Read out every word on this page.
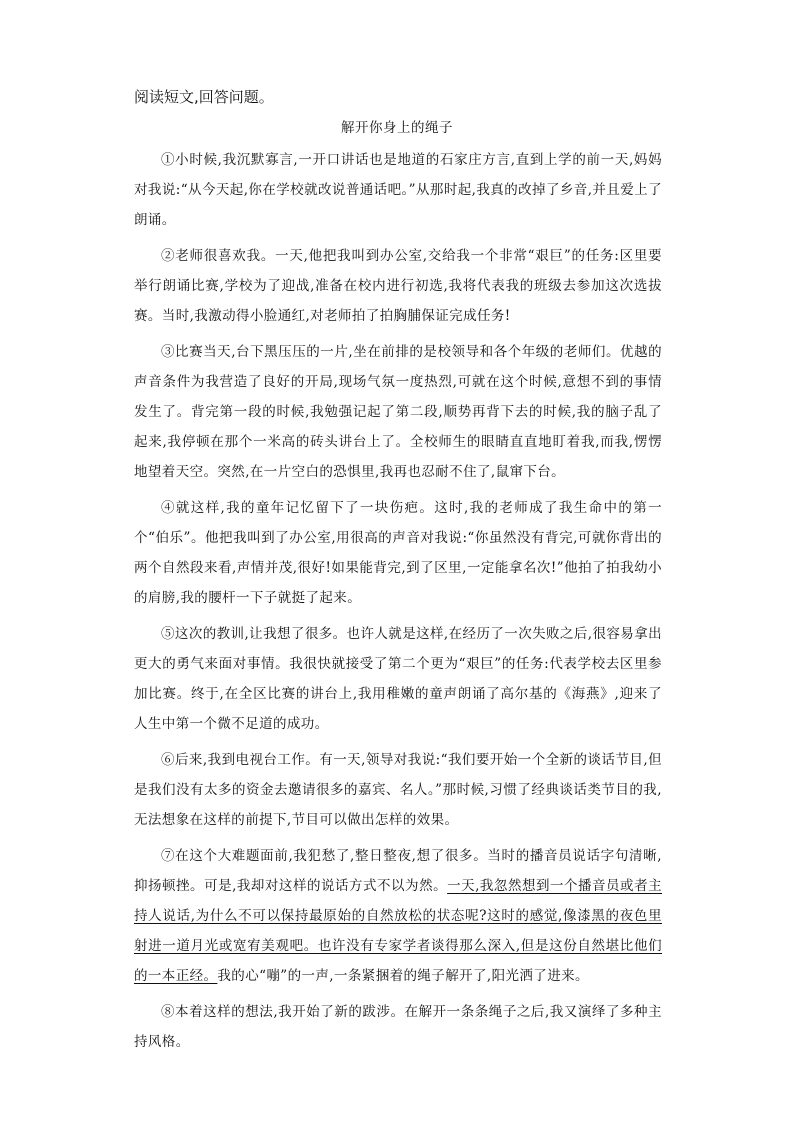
阅读短文,回答问题。
解开你身上的绳子

①小时候,我沉默寡言,一开口讲话也是地道的石家庄方言,直到上学的前一天,妈妈对我说:“从今天起,你在学校就改说普通话吧。”从那时起,我真的改掉了乡音,并且爱上了朗诵。

②老师很喜欢我。一天,他把我叫到办公室,交给我一个非常“艰巨”的任务:区里要举行朗诵比赛,学校为了迎战,准备在校内进行初选,我将代表我的班级去参加这次选拔赛。当时,我激动得小脸通红,对老师拍了拍胸脯保证完成任务!

③比赛当天,台下黑压压的一片,坐在前排的是校领导和各个年级的老师们。优越的声音条件为我营造了良好的开局,现场气氛一度热烈,可就在这个时候,意想不到的事情发生了。背完第一段的时候,我勉强记起了第二段,顺势再背下去的时候,我的脑子乱了起来,我停顿在那个一米高的砖头讲台上了。全校师生的眼睛直直地盯着我,而我,愣愣地望着天空。突然,在一片空白的恐惧里,我再也忍耐不住了,鼠窜下台。

④就这样,我的童年记忆留下了一块伤疤。这时,我的老师成了我生命中的第一个“伯乐”。他把我叫到了办公室,用很高的声音对我说:“你虽然没有背完,可就你背出的两个自然段来看,声情并茂,很好!如果能背完,到了区里,一定能拿名次!”他拍了拍我幼小的肩膀,我的腰杆一下子就挺了起来。

⑤这次的教训,让我想了很多。也许人就是这样,在经历了一次失败之后,很容易拿出更大的勇气来面对事情。我很快就接受了第二个更为“艰巨”的任务:代表学校去区里参加比赛。终于,在全区比赛的讲台上,我用稚嫩的童声朗诵了高尔基的《海燕》,迎来了人生中第一个微不足道的成功。

⑥后来,我到电视台工作。有一天,领导对我说:“我们要开始一个全新的谈话节目,但是我们没有太多的资金去邀请很多的嘉宾、名人。”那时候,习惯了经典谈话类节目的我,无法想象在这样的前提下,节目可以做出怎样的效果。

⑦在这个大难题面前,我犯愁了,整日整夜,想了很多。当时的播音员说话字句清晰,抑扬顿挫。可是,我却对这样的说话方式不以为然。一天,我忽然想到一个播音员或者主持人说话,为什么不可以保持最原始的自然放松的状态呢?这时的感觉,像漆黑的夜色里射进一道月光或宽宥美观吧。也许没有专家学者谈得那么深入,但是这份自然堪比他们的一本正经。我的心“嘣”的一声,一条紧捆着的绳子解开了,阳光洒了进来。

⑧本着这样的想法,我开始了新的跋涉。在解开一条条绳子之后,我又演绎了多种主持风格。
